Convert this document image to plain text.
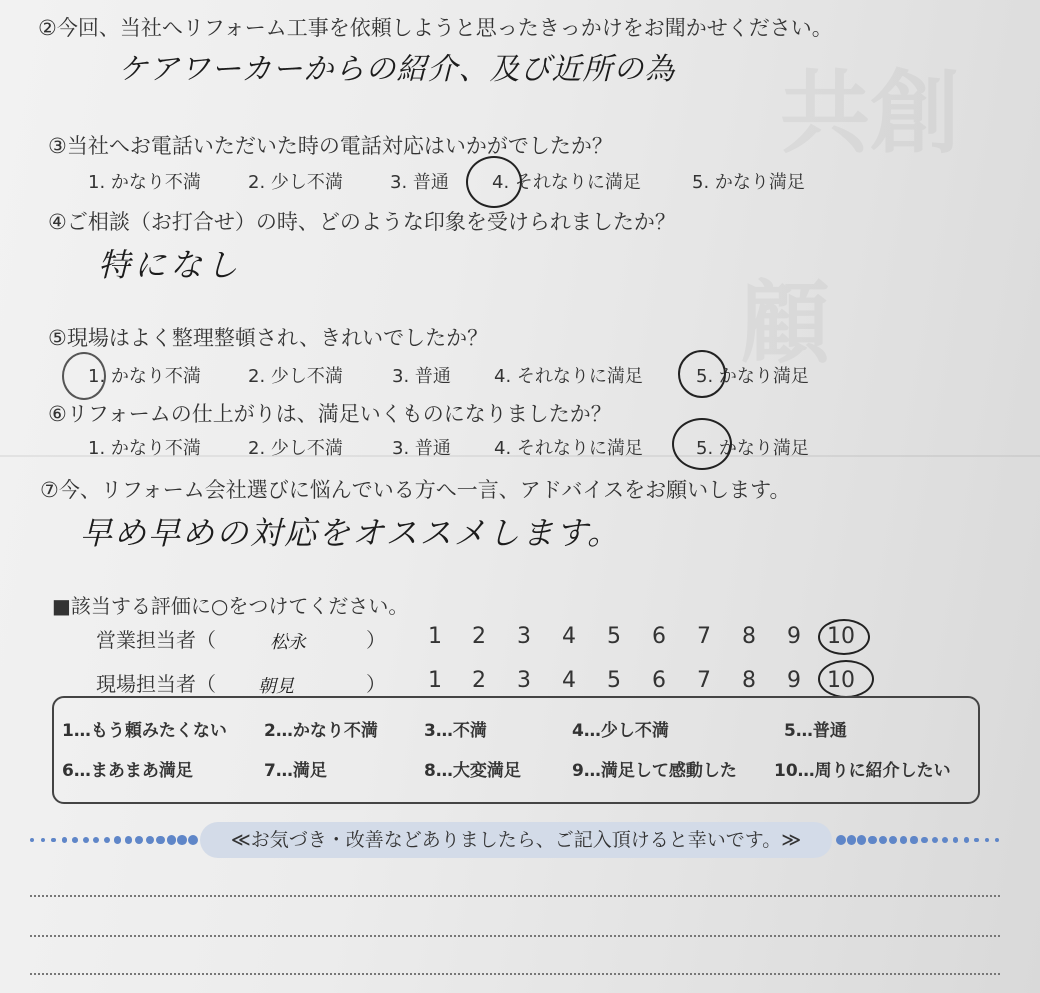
②今回、当社へリフォーム工事を依頼しようと思ったきっかけをお聞かせください。
ケアワーカーからの紹介、及び近所の為
③当社へお電話いただいた時の電話対応はいかがでしたか？
1. かなり不満	2. 少し不満	3. 普通 4. それなりに満足	5. かなり満足
④ご相談（お打合せ）の時、どのような印象を受けられましたか？
特になし
⑤現場はよく整理整頓され、きれいでしたか？
1. かなり不満	2. 少し不満	3. 普通 4. それなりに満足	5. かなり満足
⑥リフォームの仕上がりは、満足いくものになりましたか？
1. かなり不満	2. 少し不満	3. 普通 4. それなりに満足	5. かなり満足
⑦今、リフォーム会社選びに悩んでいる方へ一言、アドバイスをお願いします。
早め早めの対応をオススメします。
■該当する評価に○をつけてください。
営業担当者（	松永	）	1	2	3	4	5	6	7	8	9	10
現場担当者（ 朝見	）	1	2	3	4	5	6	7	8	9	10
1…もう頼みたくない 2…かなり不満	3…不満	4…少し不満	5…普通
6…まあまあ満足	7…満足	8…大変満足	9…満足して感動した 10…周りに紹介したい
≪お気づき・改善などありましたら、ご記入頂けると幸いです。≫
